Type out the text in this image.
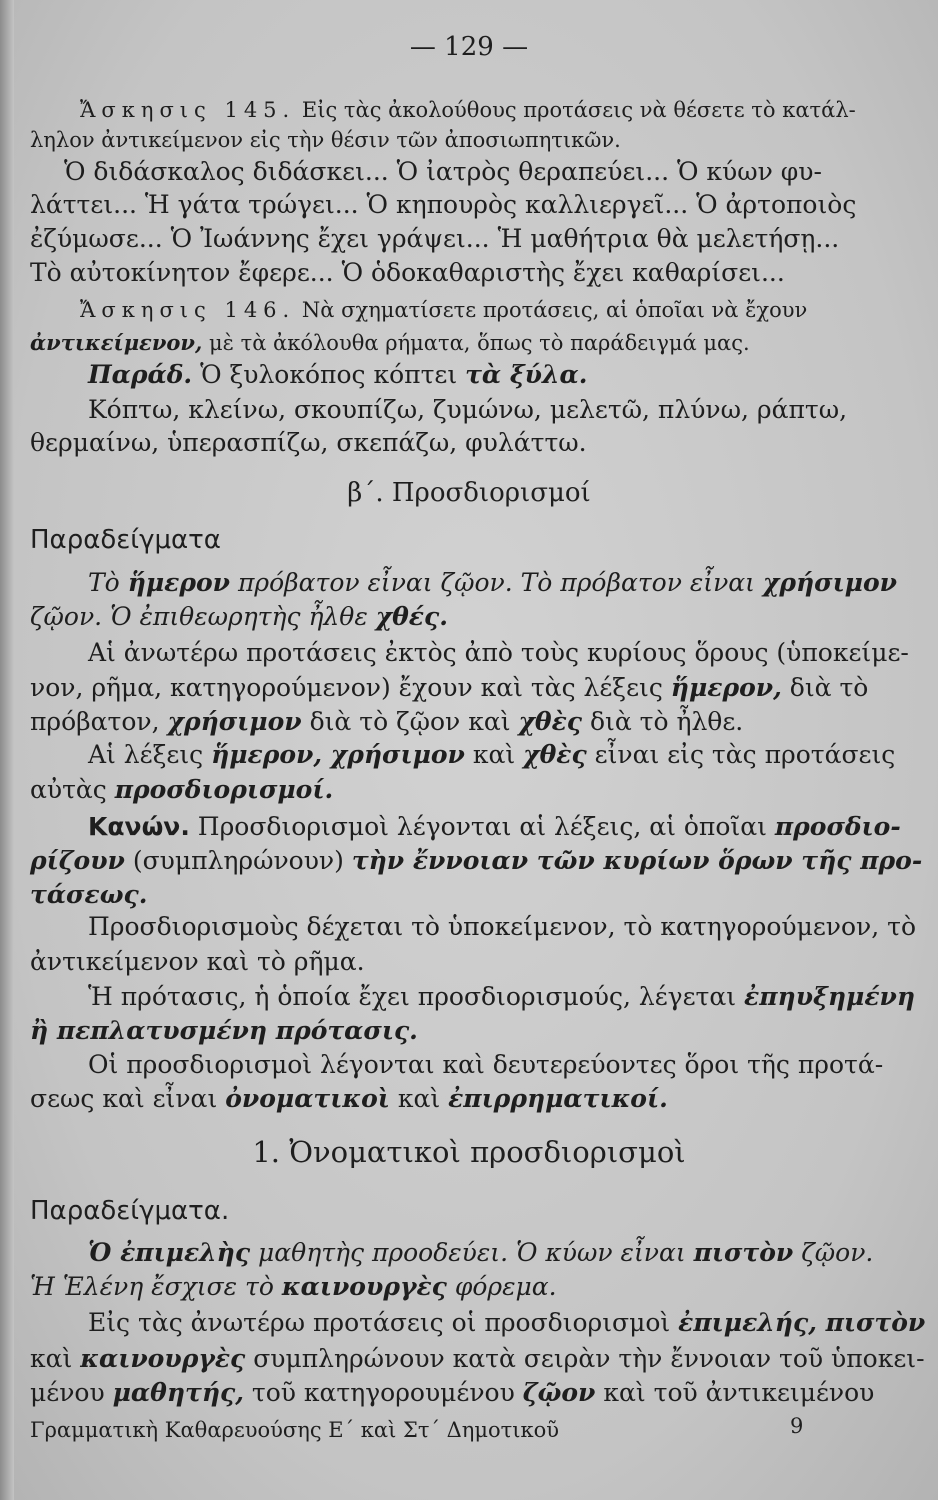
— 129 —
Ἄσκησις 145. Εἰς τὰς ἀκολούθους προτάσεις νὰ θέσετε τὸ κατάλ-
ληλον ἀντικείμενον εἰς τὴν θέσιν τῶν ἀποσιωπητικῶν.
Ὁ διδάσκαλος διδάσκει... Ὁ ἰατρὸς θεραπεύει... Ὁ κύων φυ-
λάττει... Ἡ γάτα τρώγει... Ὁ κηπουρὸς καλλιεργεῖ... Ὁ ἀρτοποιὸς
ἐζύμωσε... Ὁ Ἰωάννης ἔχει γράψει... Ἡ μαθήτρια θὰ μελετήσῃ...
Τὸ αὐτοκίνητον ἔφερε... Ὁ ὁδοκαθαριστὴς ἔχει καθαρίσει...
Ἄσκησις 146. Νὰ σχηματίσετε προτάσεις, αἱ ὁποῖαι νὰ ἔχουν
ἀντικείμενον, μὲ τὰ ἀκόλουθα ρήματα, ὅπως τὸ παράδειγμά μας.
Παράδ. Ὁ ξυλοκόπος κόπτει τὰ ξύλα.
Κόπτω, κλείνω, σκουπίζω, ζυμώνω, μελετῶ, πλύνω, ράπτω,
θερμαίνω, ὑπερασπίζω, σκεπάζω, φυλάττω.
β΄. Προσδιορισμοί
Παραδείγματα
Τὸ ἥμερον πρόβατον εἶναι ζῷον. Τὸ πρόβατον εἶναι χρήσιμον
ζῷον. Ὁ ἐπιθεωρητὴς ἦλθε χθές.
Αἱ ἀνωτέρω προτάσεις ἐκτὸς ἀπὸ τοὺς κυρίους ὅρους (ὑποκείμε-
νον, ρῆμα, κατηγορούμενον) ἔχουν καὶ τὰς λέξεις ἥμερον, διὰ τὸ
πρόβατον, χρήσιμον διὰ τὸ ζῷον καὶ χθὲς διὰ τὸ ἦλθε.
Αἱ λέξεις ἥμερον, χρήσιμον καὶ χθὲς εἶναι εἰς τὰς προτάσεις
αὐτὰς προσδιορισμοί.
Κανών. Προσδιορισμοὶ λέγονται αἱ λέξεις, αἱ ὁποῖαι προσδιο-
ρίζουν (συμπληρώνουν) τὴν ἔννοιαν τῶν κυρίων ὅρων τῆς προ-
τάσεως.
Προσδιορισμοὺς δέχεται τὸ ὑποκείμενον, τὸ κατηγορούμενον, τὸ
ἀντικείμενον καὶ τὸ ρῆμα.
Ἡ πρότασις, ἡ ὁποία ἔχει προσδιορισμούς, λέγεται ἐπηυξημένη
ἢ πεπλατυσμένη πρότασις.
Οἱ προσδιορισμοὶ λέγονται καὶ δευτερεύοντες ὅροι τῆς προτά-
σεως καὶ εἶναι ὀνοματικοὶ καὶ ἐπιρρηματικοί.
1. Ὀνοματικοὶ προσδιορισμοὶ
Παραδείγματα.
Ὁ ἐπιμελὴς μαθητὴς προοδεύει. Ὁ κύων εἶναι πιστὸν ζῷον.
Ἡ Ἑλένη ἔσχισε τὸ καινουργὲς φόρεμα.
Εἰς τὰς ἀνωτέρω προτάσεις οἱ προσδιορισμοὶ ἐπιμελής, πιστὸν
καὶ καινουργὲς συμπληρώνουν κατὰ σειρὰν τὴν ἔννοιαν τοῦ ὑποκει-
μένου μαθητής, τοῦ κατηγορουμένου ζῷον καὶ τοῦ ἀντικειμένου
Γραμματικὴ Καθαρευούσης Ε΄ καὶ Στ΄ Δημοτικοῦ	9
